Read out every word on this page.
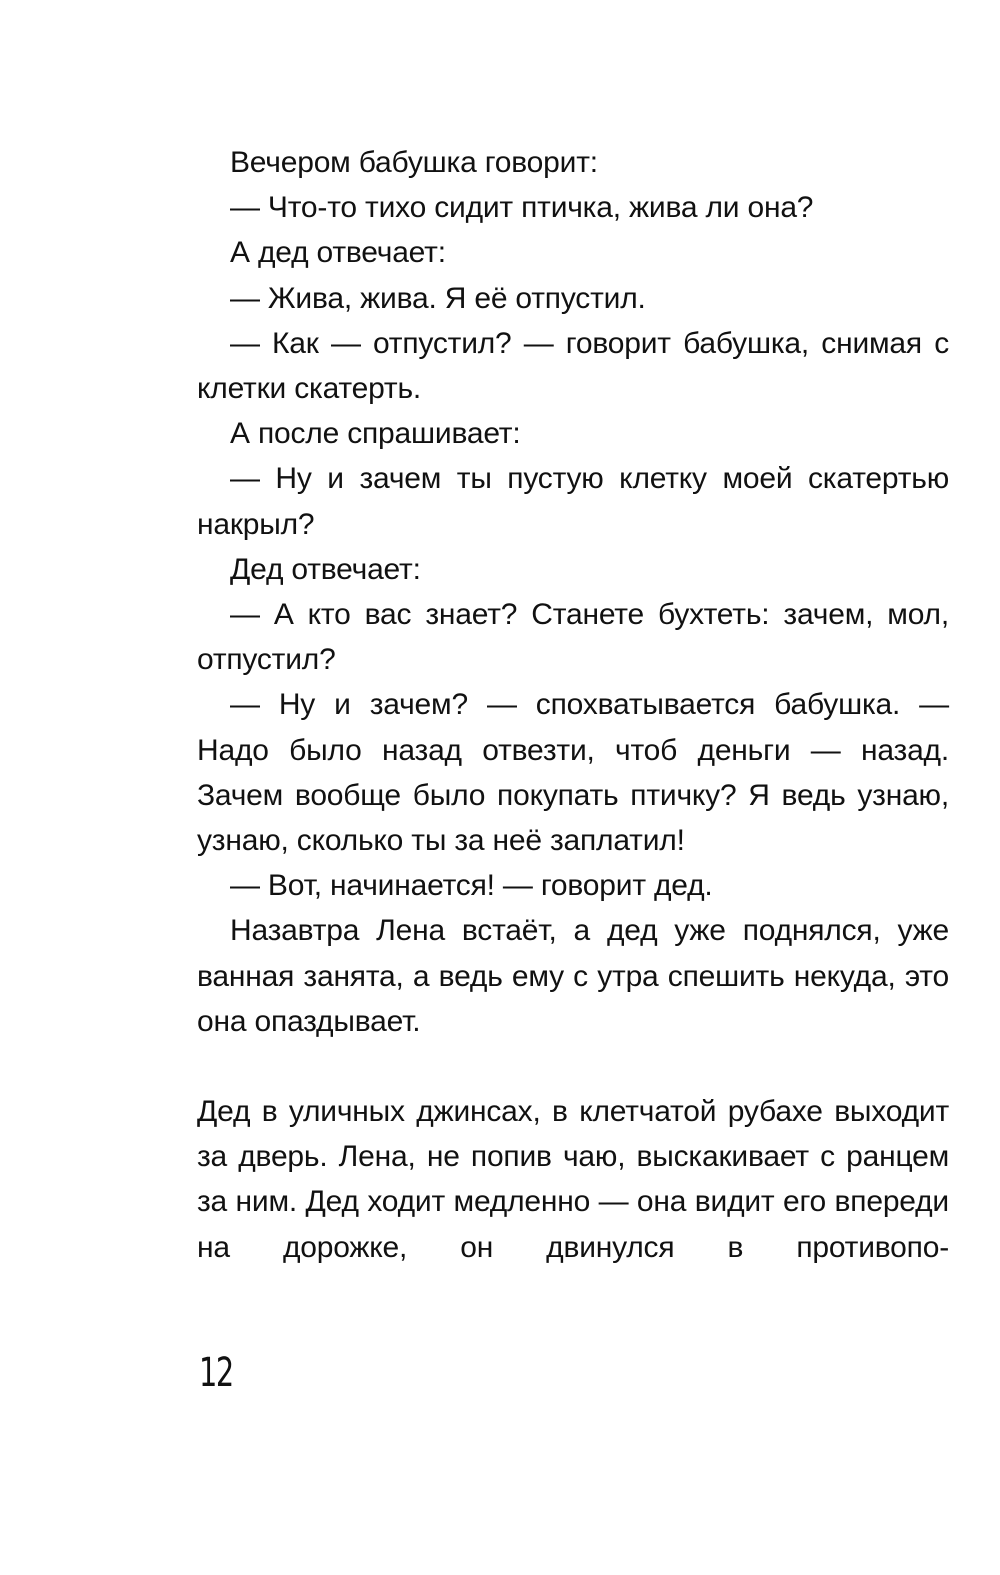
Вечером бабушка говорит:

— Что-то тихо сидит птичка, жива ли она?

А дед отвечает:

— Жива, жива. Я её отпустил.

— Как — отпустил? — говорит бабушка, снимая с клетки скатерть.

А после спрашивает:

— Ну и зачем ты пустую клетку моей скатертью накрыл?

Дед отвечает:

— А кто вас знает? Станете бухтеть: зачем, мол, отпустил?

— Ну и зачем? — спохватывается бабушка. — Надо было назад отвезти, чтоб деньги — назад. Зачем вообще было покупать птичку? Я ведь узнаю, узнаю, сколько ты за неё заплатил!

— Вот, начинается! — говорит дед.

Назавтра Лена встаёт, а дед уже поднялся, уже ванная занята, а ведь ему с утра спешить некуда, это она опаздывает.

Дед в уличных джинсах, в клетчатой рубахе выходит за дверь. Лена, не попив чаю, выскакивает с ранцем за ним. Дед ходит медленно — она видит его впереди на дорожке, он двинулся в противопо-

12
